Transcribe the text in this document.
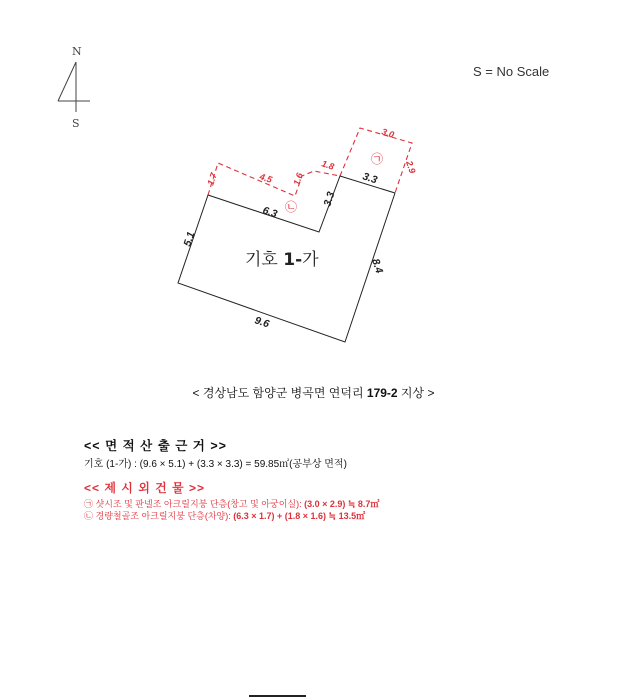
N
S
6.3
5.1
9.6
8.4
3.3
3.3
3.0
2.9
1.7	4.5 1.6
1.8	㉠
㉡
기호 1-가
S = No Scale
< 경상남도 함양군 병곡면 연덕리 179-2 지상 >
<< 면 적 산 출 근 거 >>
기호 (1-가) : (9.6 × 5.1) + (3.3 × 3.3) = 59.85㎡(공부상 면적)
<< 제 시 외 건 물 >>
㉠ 샷시조 및 판넬조 아크릴지붕 단층(창고 및 아궁이실): (3.0 × 2.9) ≒ 8.7㎡
㉡ 경량철골조 아크릴지붕 단층(차양): (6.3 × 1.7) + (1.8 × 1.6) ≒ 13.5㎡
